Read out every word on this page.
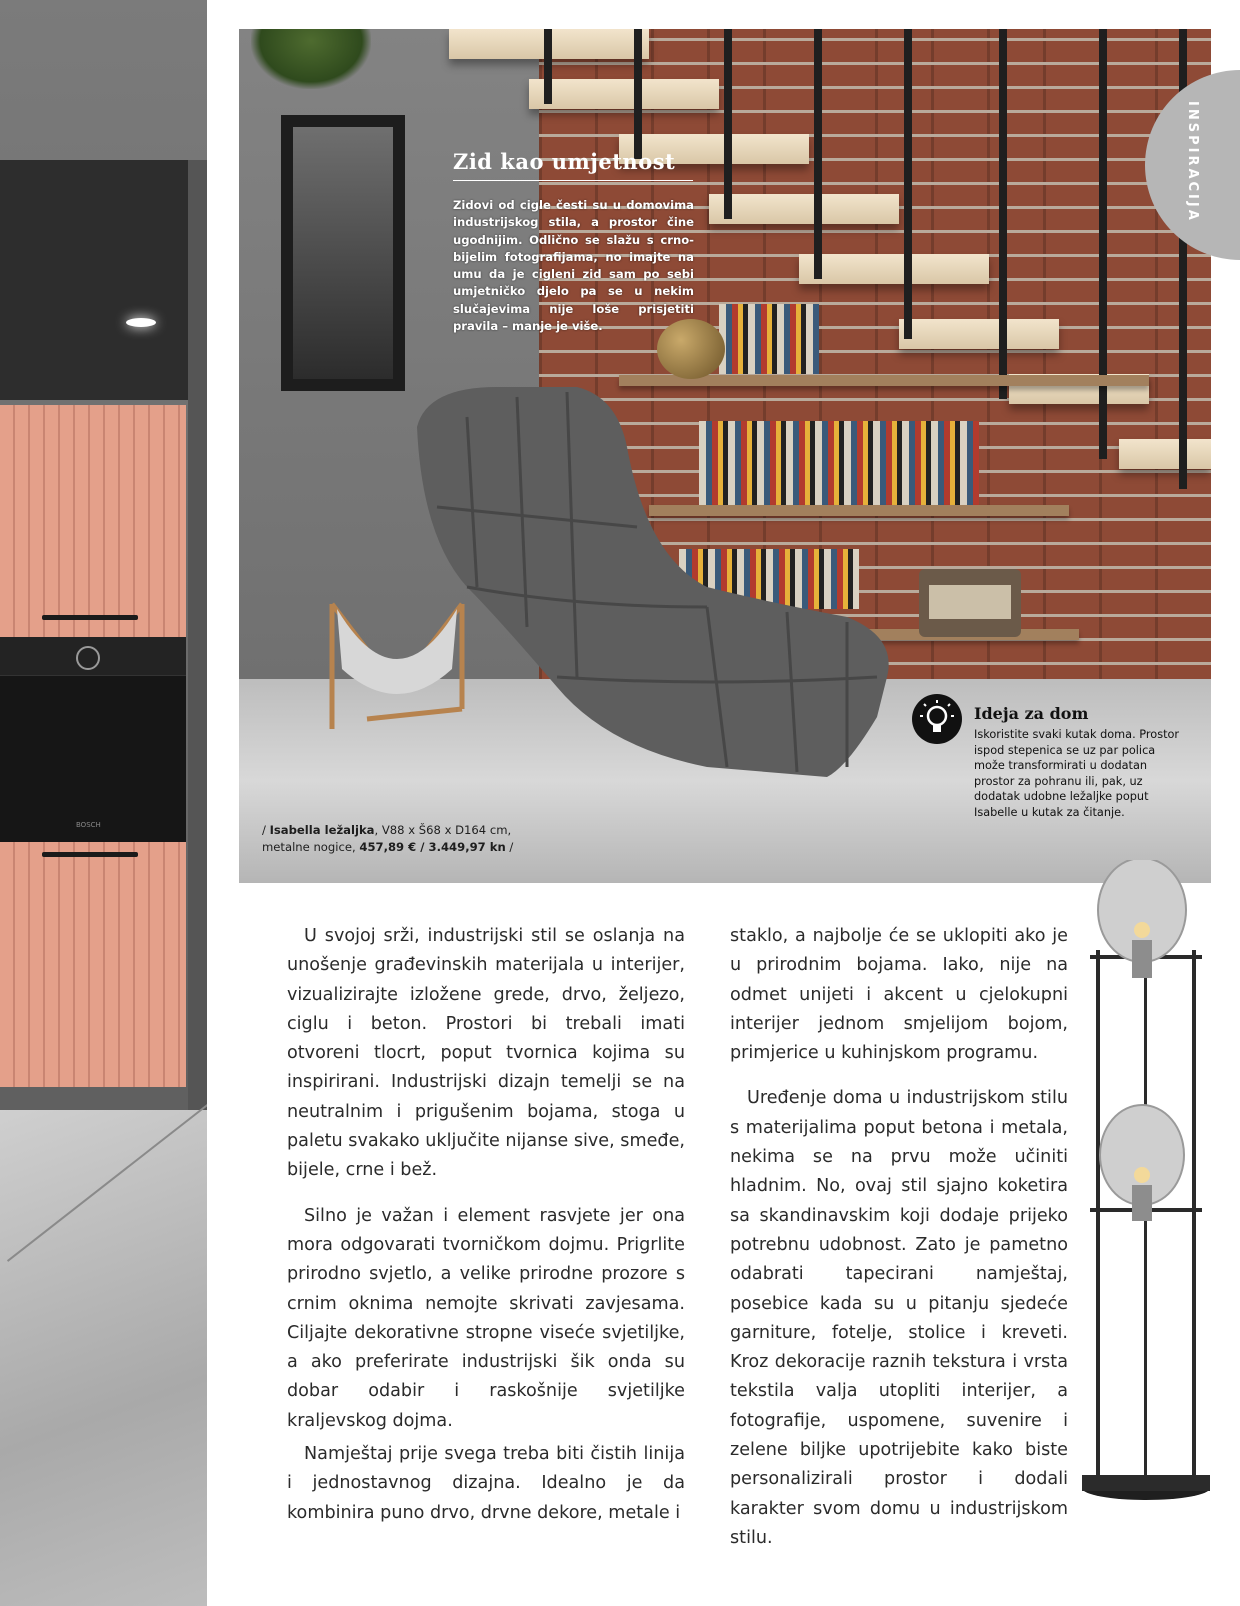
BOSCH
Zid kao umjetnost
Zidovi od cigle česti su u domovima industrijskog stila, a prostor čine ugodnijim. Odlično se slažu s crno-bijelim fotografijama, no imajte na umu da je cigleni zid sam po sebi umjetničko djelo pa se u nekim slučajevima nije loše prisjetiti pravila – manje je više.
/ Isabella ležaljka, V88 x Š68 x D164 cm,
metalne nogice, 457,89 € / 3.449,97 kn /
Ideja za dom
Iskoristite svaki kutak doma. Prostor ispod stepenica se uz par polica može transformirati u dodatan prostor za pohranu ili, pak, uz dodatak udobne ležaljke poput Isabelle u kutak za čitanje.
INSPIRACIJA

U svojoj srži, industrijski stil se oslanja na unošenje građevinskih materijala u interijer, vizualizirajte izložene grede, drvo, željezo, ciglu i beton. Prostori bi trebali imati otvoreni tlocrt, poput tvornica kojima su inspirirani. Industrijski dizajn temelji se na neutralnim i prigušenim bojama, stoga u paletu svakako uključite nijanse sive, smeđe, bijele, crne i bež.

Silno je važan i element rasvjete jer ona mora odgovarati tvorničkom dojmu. Prigrlite prirodno svjetlo, a velike prirodne prozore s crnim oknima nemojte skrivati zavjesama. Ciljajte dekorativne stropne viseće svjetiljke, a ako preferirate industrijski šik onda su dobar odabir i raskošnije svjetiljke kraljevskog dojma.

Namještaj prije svega treba biti čistih linija i jednostavnog dizajna. Idealno je da kombinira puno drvo, drvne dekore, metale i

staklo, a najbolje će se uklopiti ako je u prirodnim bojama. Iako, nije na odmet unijeti i akcent u cjelokupni interijer jednom smjelijom bojom, primjerice u kuhinjskom programu.

Uređenje doma u industrijskom stilu s materijalima poput betona i metala, nekima se na prvu može učiniti hladnim. No, ovaj stil sjajno koketira sa skandinavskim koji dodaje prijeko potrebnu udobnost. Zato je pametno odabrati tapecirani namještaj, posebice kada su u pitanju sjedeće garniture, fotelje, stolice i kreveti. Kroz dekoracije raznih tekstura i vrsta tekstila valja utopliti interijer, a fotografije, uspomene, suvenire i zelene biljke upotrijebite kako biste personalizirali prostor i dodali karakter svom domu u industrijskom stilu.
